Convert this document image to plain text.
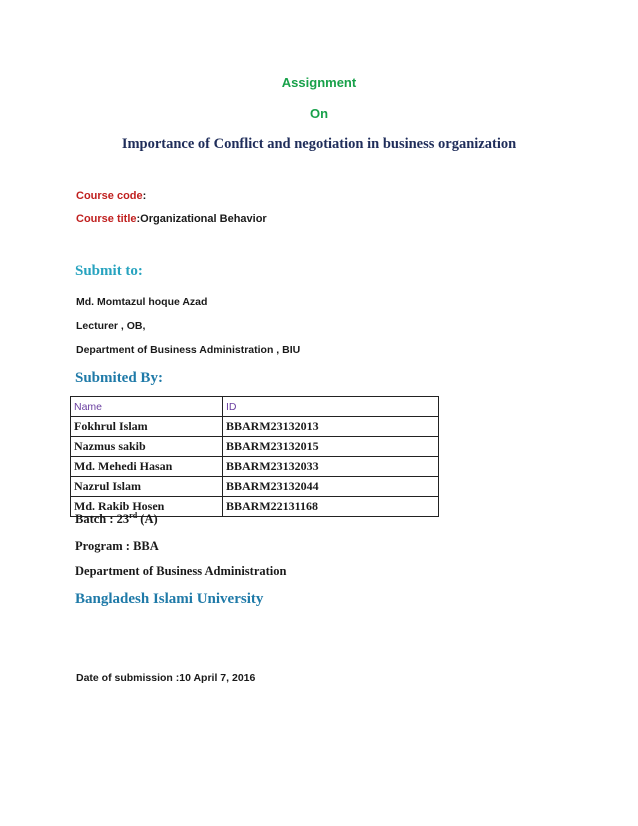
Assignment
On
Importance of Conflict and negotiation in business organization
Course code:
Course title:Organizational Behavior
Submit to:
Md. Momtazul hoque Azad
Lecturer , OB,
Department of Business Administration , BIU
Submited By:
Name	ID
Fokhrul Islam	BBARM23132013
Nazmus sakib	BBARM23132015
Md. Mehedi Hasan	BBARM23132033
Nazrul Islam	BBARM23132044
Md. Rakib Hosen	BBARM22131168
Batch : 23rd (A)
Program : BBA
Department of Business Administration
Bangladesh Islami University
Date of submission :10 April 7, 2016
